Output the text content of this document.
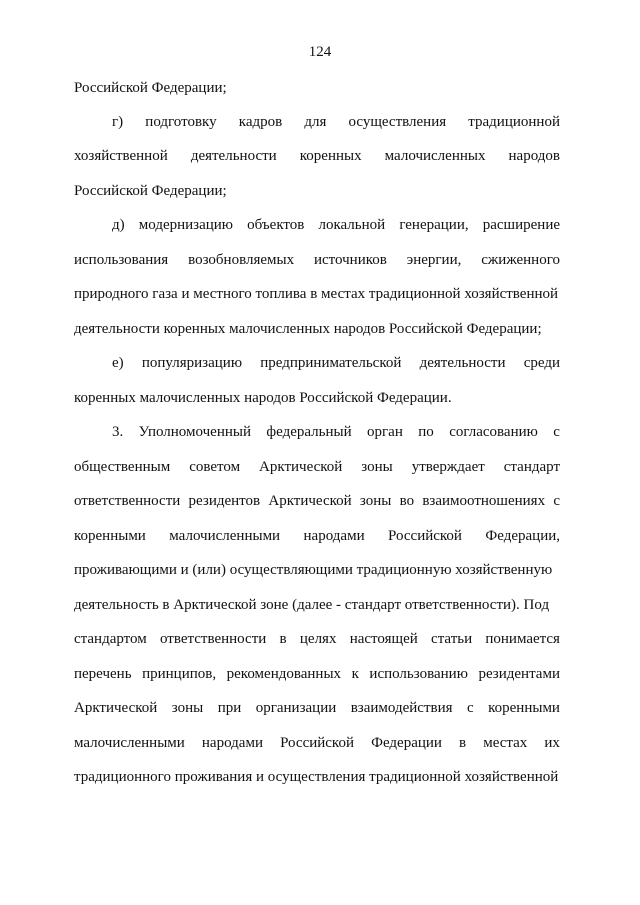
124
Российской Федерации;
г) подготовку кадров для осуществления традиционной
хозяйственной деятельности коренных малочисленных народов
Российской Федерации;
д) модернизацию объектов локальной генерации, расширение
использования возобновляемых источников энергии, сжиженного
природного газа и местного топлива в местах традиционной хозяйственной
деятельности коренных малочисленных народов Российской Федерации;
е) популяризацию предпринимательской деятельности среди
коренных малочисленных народов Российской Федерации.
3. Уполномоченный федеральный орган по согласованию с
общественным советом Арктической зоны утверждает стандарт
ответственности резидентов Арктической зоны во взаимоотношениях с
коренными малочисленными народами Российской Федерации,
проживающими и (или) осуществляющими традиционную хозяйственную
деятельность в Арктической зоне (далее - стандарт ответственности). Под
стандартом ответственности в целях настоящей статьи понимается
перечень принципов, рекомендованных к использованию резидентами
Арктической зоны при организации взаимодействия с коренными
малочисленными народами Российской Федерации в местах их
традиционного проживания и осуществления традиционной хозяйственной
